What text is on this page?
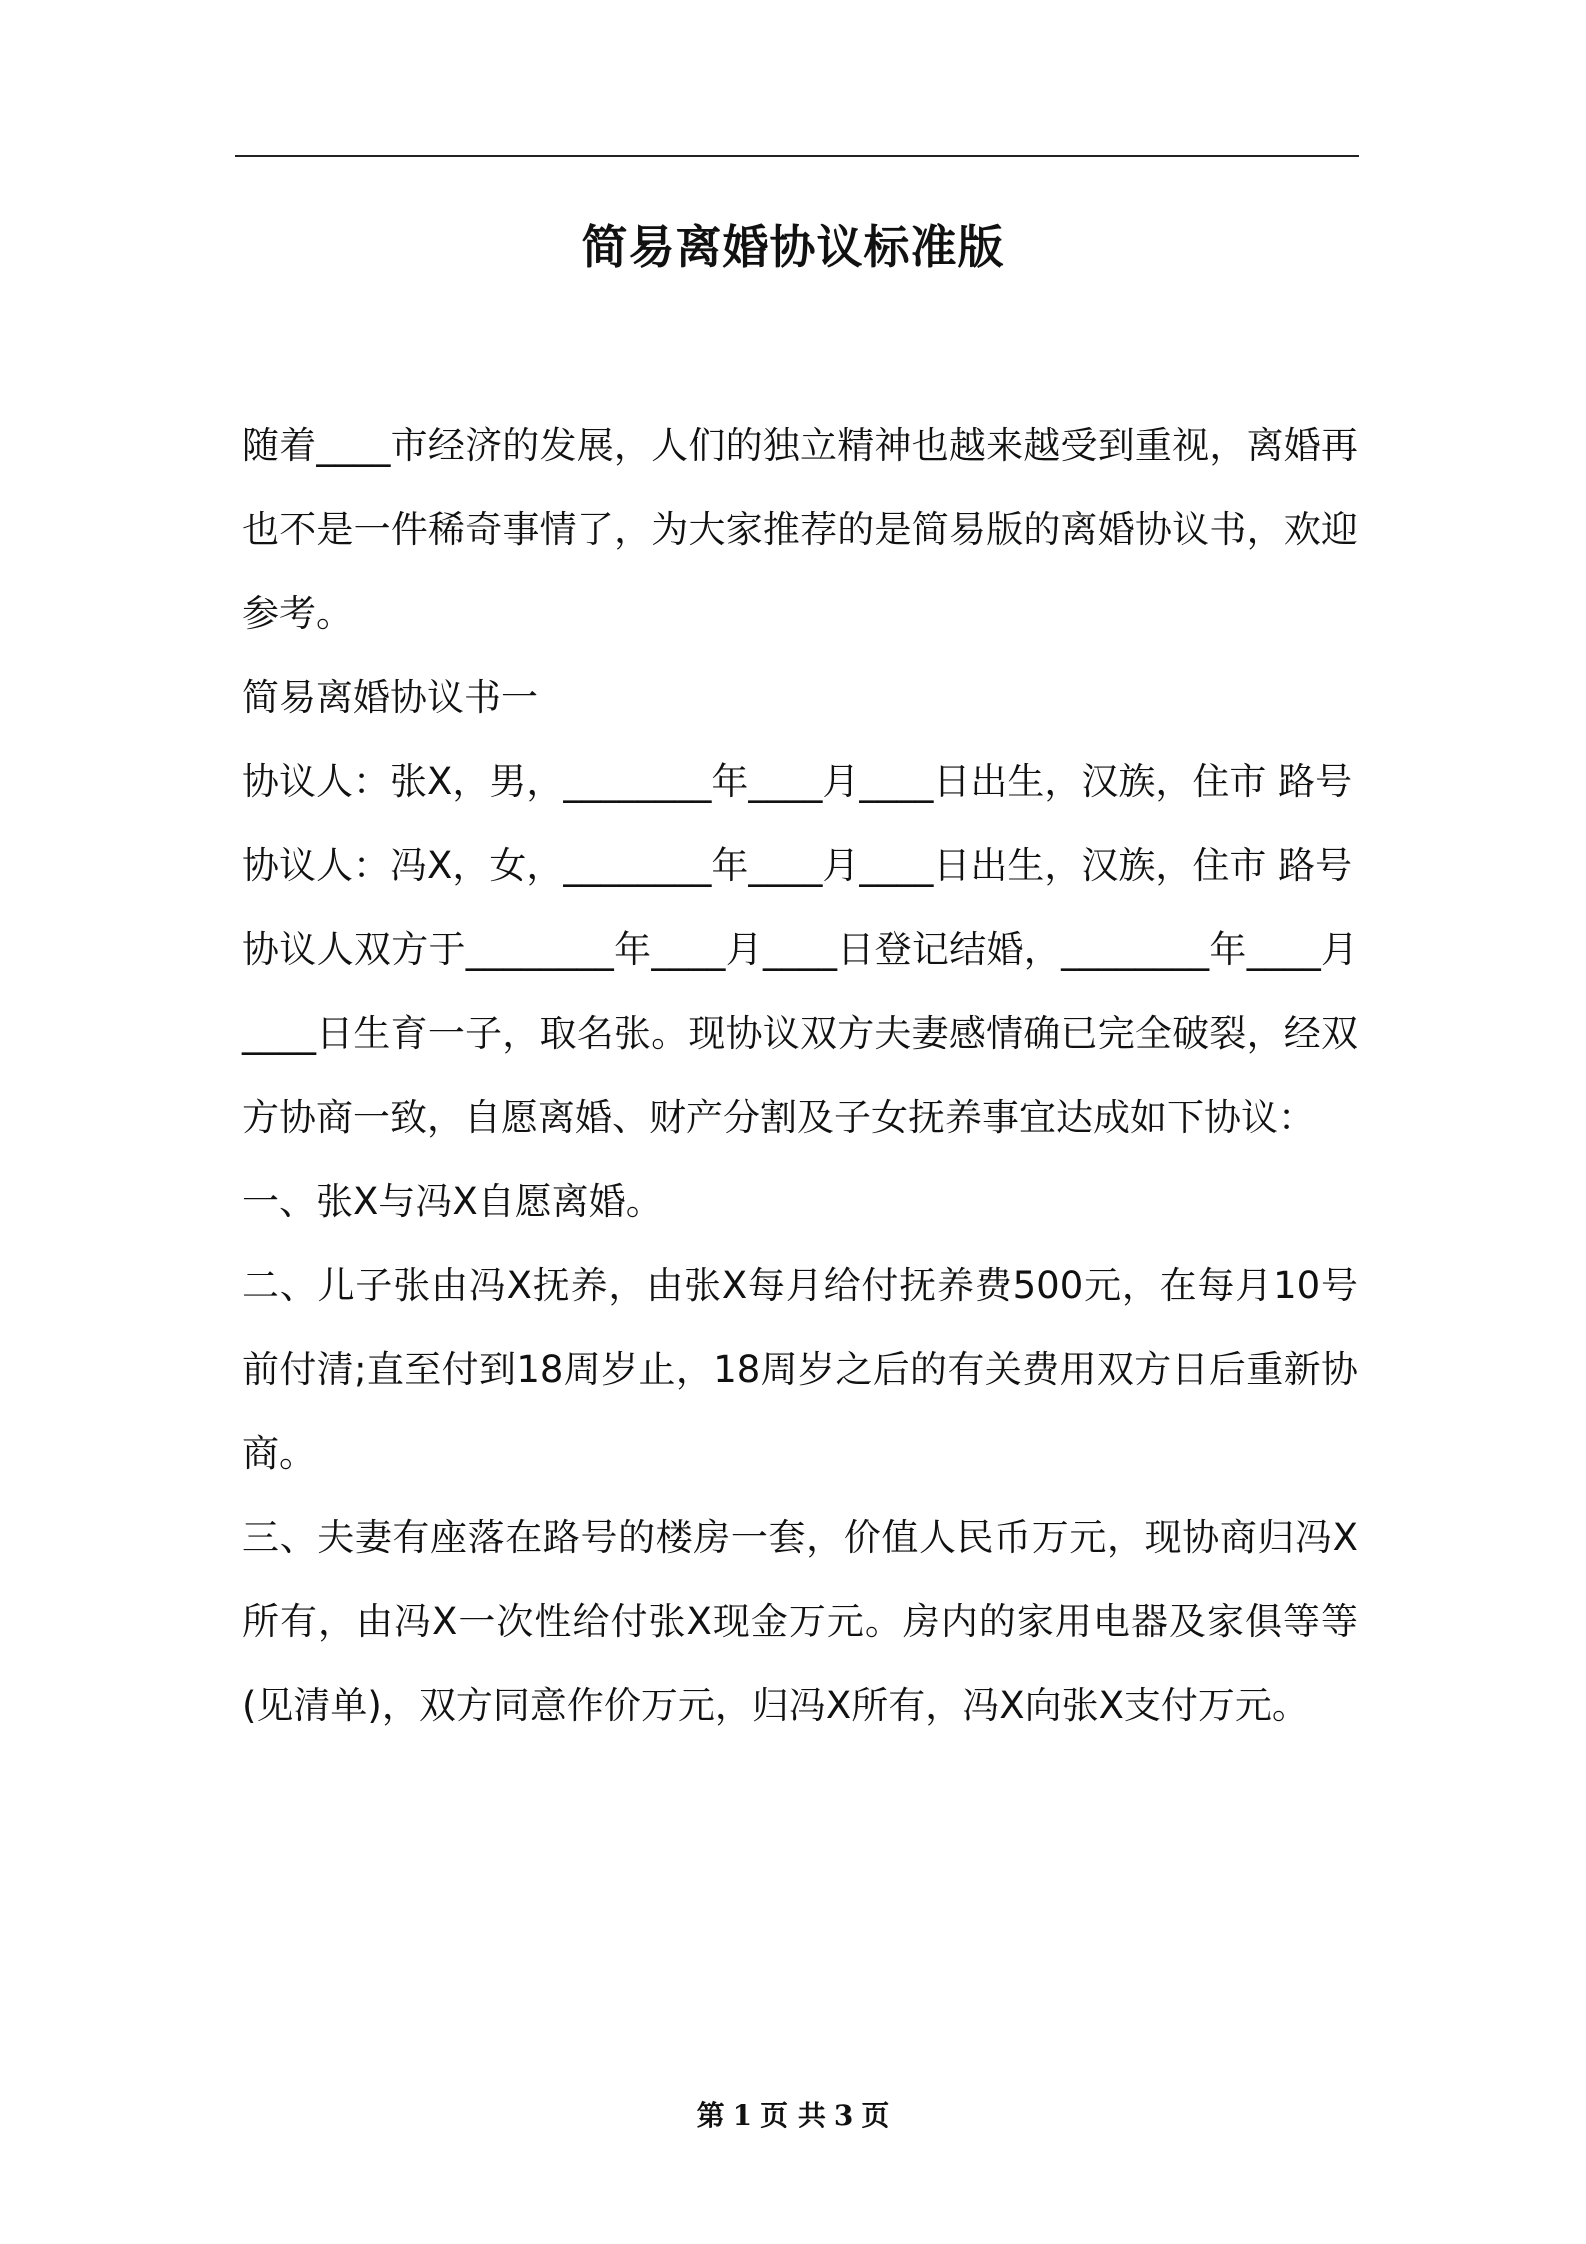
简易离婚协议标准版

随着____市经济的发展，人们的独立精神也越来越受到重视，离婚再也不是一件稀奇事情了，为大家推荐的是简易版的离婚协议书，欢迎参考。

简易离婚协议书一

协议人：张X，男，________年____月____日出生，汉族，住市 路号

协议人：冯X，女，________年____月____日出生，汉族，住市 路号

协议人双方于________年____月____日登记结婚，________年____月____日生育一子，取名张。现协议双方夫妻感情确已完全破裂，经双方协商一致，自愿离婚、财产分割及子女抚养事宜达成如下协议：

一、张X与冯X自愿离婚。

二、儿子张由冯X抚养，由张X每月给付抚养费500元，在每月10号前付清;直至付到18周岁止，18周岁之后的有关费用双方日后重新协商。

三、夫妻有座落在路号的楼房一套，价值人民币万元，现协商归冯X所有，由冯X一次性给付张X现金万元。房内的家用电器及家俱等等(见清单)，双方同意作价万元，归冯X所有，冯X向张X支付万元。

第 1 页 共 3 页
